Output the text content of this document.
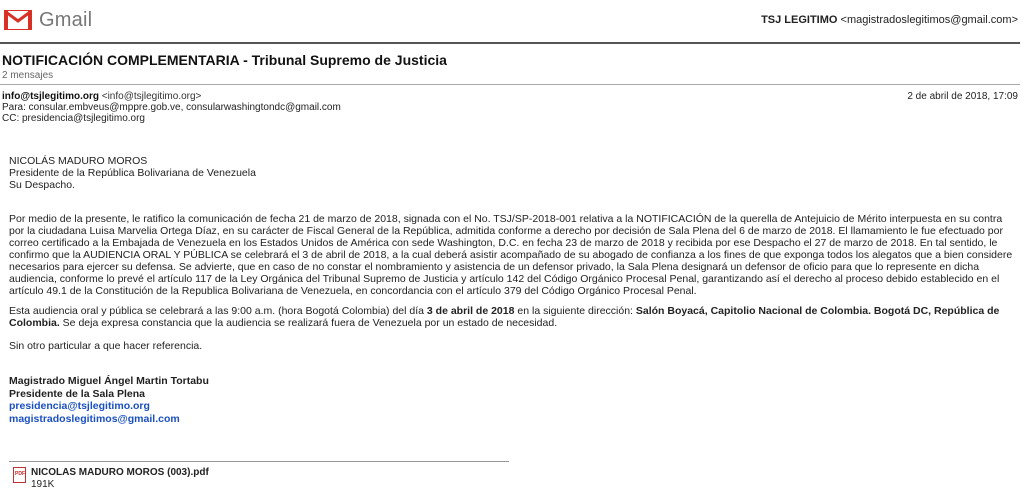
Gmail	TSJ LEGITIMO <magistradoslegitimos@gmail.com>
NOTIFICACIÓN COMPLEMENTARIA - Tribunal Supremo de Justicia
2 mensajes
info@tsjlegitimo.org <info@tsjlegitimo.org>
Para: consular.embveus@mppre.gob.ve, consularwashingtondc@gmail.com
CC: presidencia@tsjlegitimo.org
2 de abril de 2018, 17:09
NICOLÁS MADURO MOROS
Presidente de la República Bolivariana de Venezuela
Su Despacho.
Por medio de la presente, le ratifico la comunicación de fecha 21 de marzo de 2018, signada con el No. TSJ/SP-2018-001 relativa a la NOTIFICACIÓN de la querella de Antejuicio de Mérito interpuesta en su contra por la ciudadana Luisa Marvelia Ortega Díaz, en su carácter de Fiscal General de la República, admitida conforme a derecho por decisión de Sala Plena del 6 de marzo de 2018. El llamamiento le fue efectuado por correo certificado a la Embajada de Venezuela en los Estados Unidos de América con sede Washington, D.C. en fecha 23 de marzo de 2018 y recibida por ese Despacho el 27 de marzo de 2018. En tal sentido, le confirmo que la AUDIENCIA ORAL Y PÚBLICA se celebrará el 3 de abril de 2018, a la cual deberá asistir acompañado de su abogado de confianza a los fines de que exponga todos los alegatos que a bien considere necesarios para ejercer su defensa. Se advierte, que en caso de no constar el nombramiento y asistencia de un defensor privado, la Sala Plena designará un defensor de oficio para que lo represente en dicha audiencia, conforme lo prevé el artículo 117 de la Ley Orgánica del Tribunal Supremo de Justicia y artículo 142 del Código Orgánico Procesal Penal, garantizando así el derecho al proceso debido establecido en el artículo 49.1 de la Constitución de la Republica Bolivariana de Venezuela, en concordancia con el artículo 379 del Código Orgánico Procesal Penal.
Esta audiencia oral y pública se celebrará a las 9:00 a.m. (hora Bogotá Colombia) del día 3 de abril de 2018 en la siguiente dirección: Salón Boyacá, Capitolio Nacional de Colombia. Bogotá DC, República de Colombia. Se deja expresa constancia que la audiencia se realizará fuera de Venezuela por un estado de necesidad.
Sin otro particular a que hacer referencia.
Magistrado Miguel Ángel Martin Tortabu
Presidente de la Sala Plena
presidencia@tsjlegitimo.org
magistradoslegitimos@gmail.com
PDF NICOLAS MADURO MOROS (003).pdf
191K
